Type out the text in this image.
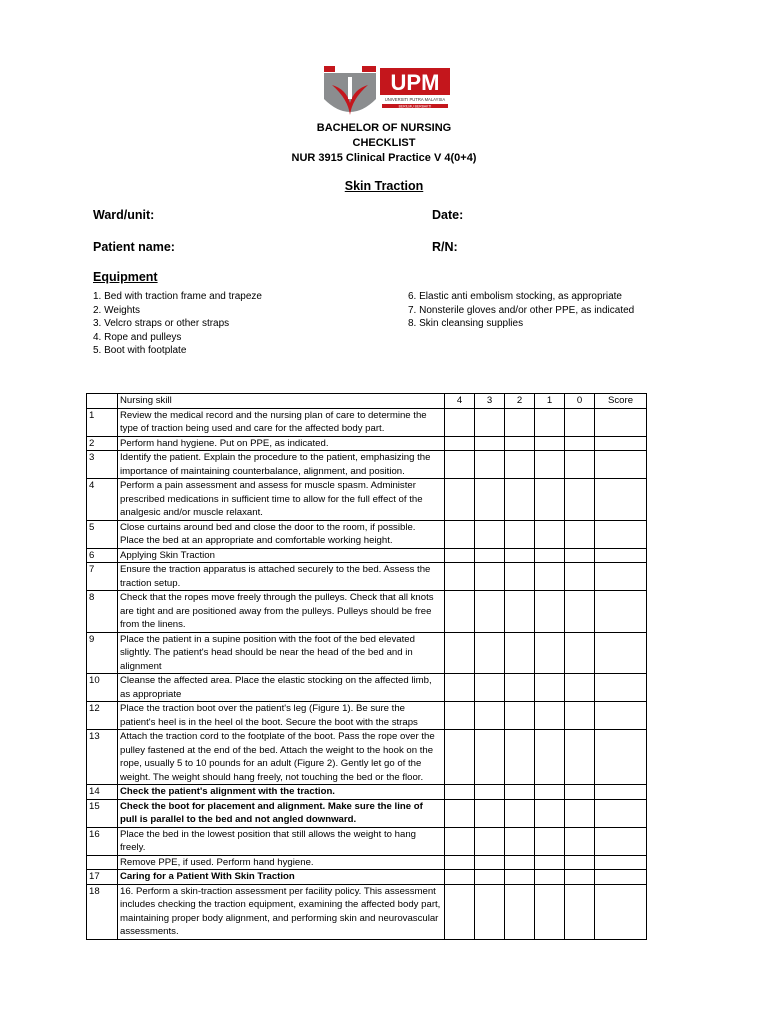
UPM
UNIVERSITI PUTRA MALAYSIA
BERILMU BERBAKTI
BACHELOR OF NURSING
CHECKLIST
NUR 3915 Clinical Practice V 4(0+4)
Skin Traction
Ward/unit:	Date:
Patient name:	R/N:
Equipment
1. Bed with traction frame and trapeze
2. Weights
3. Velcro straps or other straps
4. Rope and pulleys
5. Boot with footplate
6. Elastic anti embolism stocking, as appropriate
7. Nonsterile gloves and/or other PPE, as indicated
8. Skin cleansing supplies
	Nursing skill	4	3	2	1	0	Score
1	Review the medical record and the nursing plan of care to determine the type of traction being used and care for the affected body part.						
2	Perform hand hygiene. Put on PPE, as indicated.						
3	Identify the patient. Explain the procedure to the patient, emphasizing the importance of maintaining counterbalance, alignment, and position.						
4	Perform a pain assessment and assess for muscle spasm. Administer prescribed medications in sufficient time to allow for the full effect of the analgesic and/or muscle relaxant.						
5	Close curtains around bed and close the door to the room, if possible. Place the bed at an appropriate and comfortable working height.						
6	Applying Skin Traction						
7	Ensure the traction apparatus is attached securely to the bed. Assess the traction setup.						
8	Check that the ropes move freely through the pulleys. Check that all knots are tight and are positioned away from the pulleys. Pulleys should be free from the linens.						
9	Place the patient in a supine position with the foot of the bed elevated slightly. The patient's head should be near the head of the bed and in alignment						
10	Cleanse the affected area. Place the elastic stocking on the affected limb, as appropriate						
12	Place the traction boot over the patient's leg (Figure 1). Be sure the patient's heel is in the heel ol the boot. Secure the boot with the straps						
13	Attach the traction cord to the footplate of the boot. Pass the rope over the pulley fastened at the end of the bed. Attach the weight to the hook on the rope, usually 5 to 10 pounds for an adult (Figure 2). Gently let go of the weight. The weight should hang freely, not touching the bed or the floor.						
14	Check the patient's alignment with the traction.						
15	Check the boot for placement and alignment. Make sure the line of pull is parallel to the bed and not angled downward.						
16	Place the bed in the lowest position that still allows the weight to hang freely.						
	Remove PPE, if used. Perform hand hygiene.						
17	Caring for a Patient With Skin Traction						
18	16. Perform a skin-traction assessment per facility policy. This assessment includes checking the traction equipment, examining the affected body part, maintaining proper body alignment, and performing skin and neurovascular assessments.						
